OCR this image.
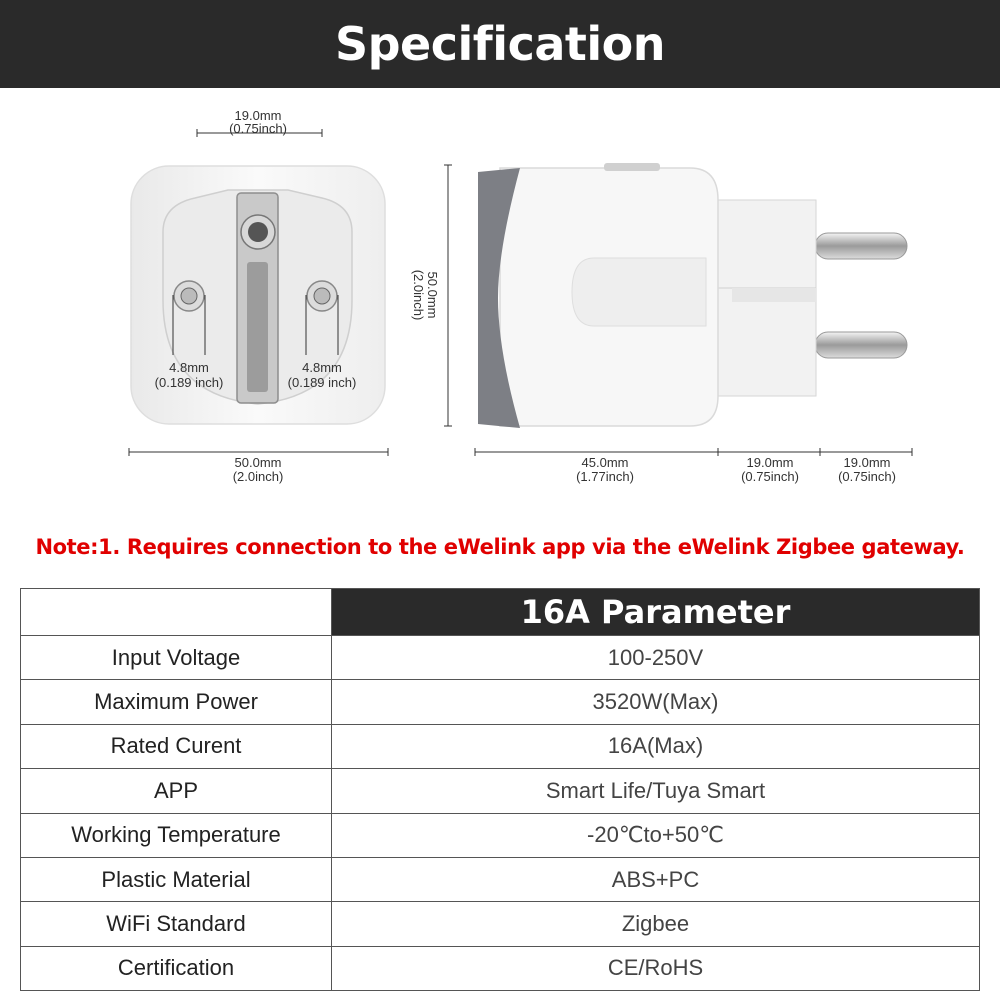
Specification
19.0mm
(0.75inch)
4.8mm
(0.189 inch)
4.8mm
(0.189 inch)
50.0mm
(2.0inch)
50.0mm
(2.0inch)
45.0mm
(1.77inch)
19.0mm
(0.75inch)
19.0mm
(0.75inch)
Note:1. Requires connection to the eWelink app via the eWelink Zigbee gateway.
	16A Parameter
Input Voltage	100-250V
Maximum Power	3520W(Max)
Rated Curent	16A(Max)
APP	Smart Life/Tuya Smart
Working Temperature	-20℃to+50℃
Plastic Material	ABS+PC
WiFi Standard	Zigbee
Certification	CE/RoHS
